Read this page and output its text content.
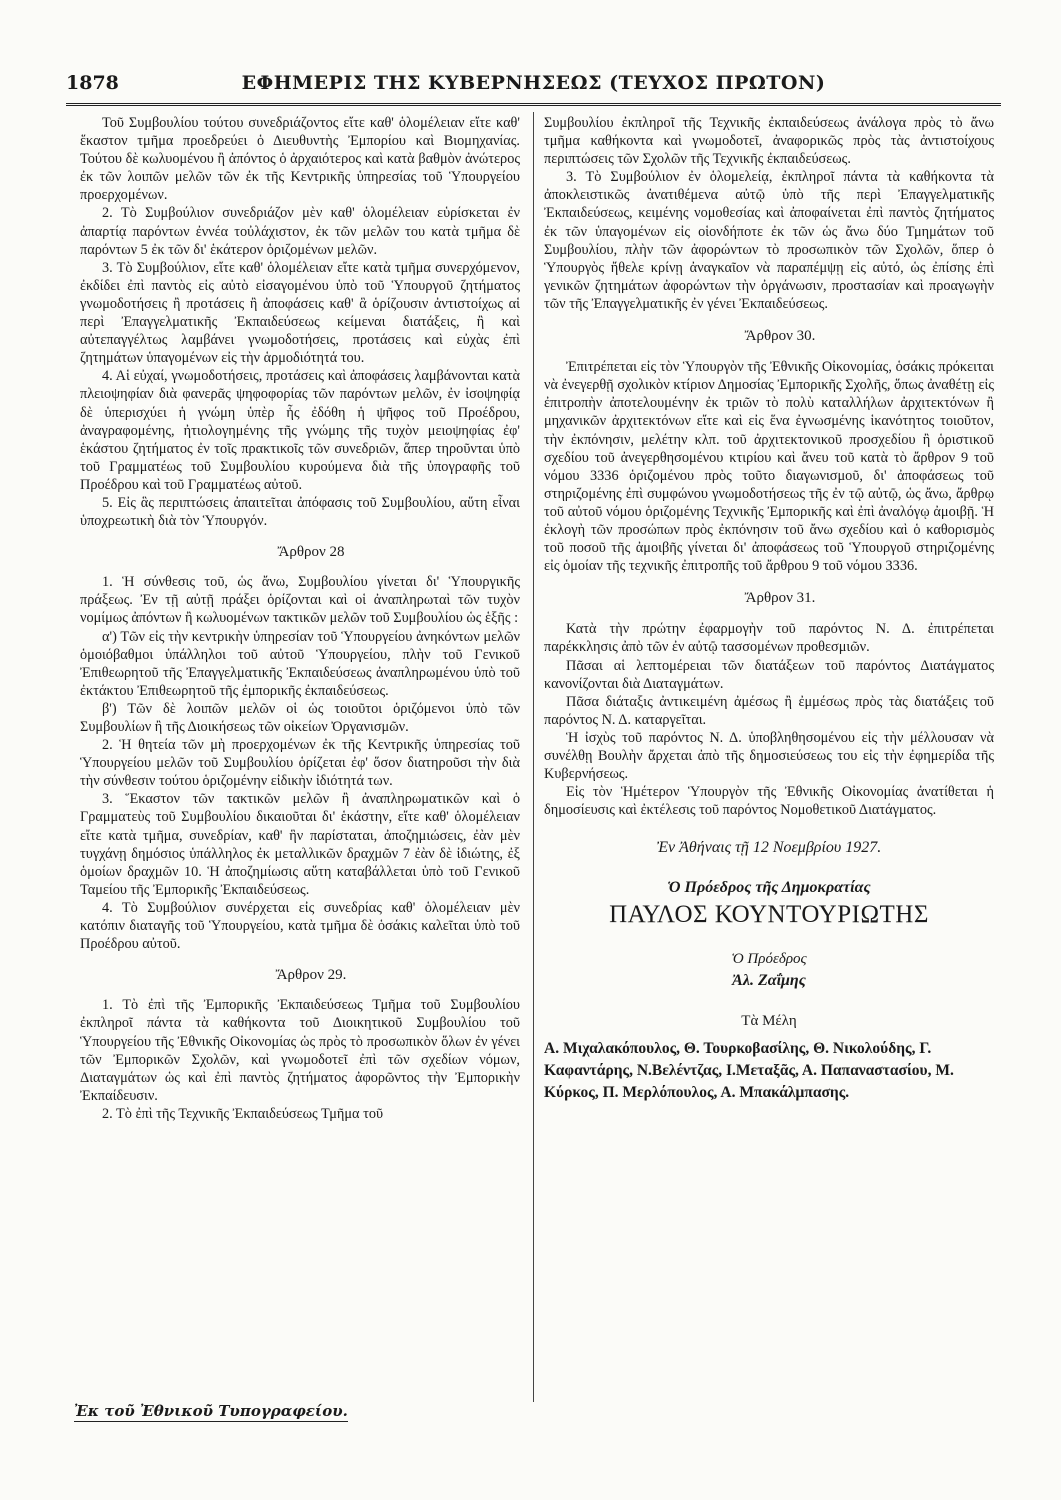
1878	ΕΦΗΜΕΡΙΣ ΤΗΣ ΚΥΒΕΡΝΗΣΕΩΣ (ΤΕΥΧΟΣ ΠΡΩΤΟΝ)

Τοῦ Συμβουλίου τούτου συνεδριάζοντος εἴτε καθ' ὁλομέλειαν εἴτε καθ' ἕκαστον τμῆμα προεδρεύει ὁ Διευθυντὴς Ἐμπορίου καὶ Βιομηχανίας. Τούτου δὲ κωλυομένου ἢ ἀπόντος ὁ ἀρχαιότερος καὶ κατὰ βαθμὸν ἀνώτερος ἐκ τῶν λοιπῶν μελῶν τῶν ἐκ τῆς Κεντρικῆς ὑπηρεσίας τοῦ Ὑπουργείου προερχομένων.

2. Τὸ Συμβούλιον συνεδριάζον μὲν καθ' ὁλομέλειαν εὑρίσκεται ἐν ἀπαρτίᾳ παρόντων ἐννέα τοὐλάχιστον, ἐκ τῶν μελῶν του κατὰ τμῆμα δὲ παρόντων 5 ἐκ τῶν δι' ἑκάτερον ὁριζομένων μελῶν.

3. Τὸ Συμβούλιον, εἴτε καθ' ὁλομέλειαν εἴτε κατὰ τμῆμα συνερχόμενον, ἐκδίδει ἐπὶ παντὸς εἰς αὐτὸ εἰσαγομένου ὑπὸ τοῦ Ὑπουργοῦ ζητήματος γνωμοδοτήσεις ἢ προτάσεις ἢ ἀποφάσεις καθ' ἃ ὁρίζουσιν ἀντιστοίχως αἱ περὶ Ἐπαγγελματικῆς Ἐκπαιδεύσεως κείμεναι διατάξεις, ἢ καὶ αὐτεπαγγέλτως λαμβάνει γνωμοδοτήσεις, προτάσεις καὶ εὐχὰς ἐπὶ ζητημάτων ὑπαγομένων εἰς τὴν ἁρμοδιότητά του.

4. Αἱ εὐχαί, γνωμοδοτήσεις, προτάσεις καὶ ἀποφάσεις λαμβάνονται κατὰ πλειοψηφίαν διὰ φανερᾶς ψηφοφορίας τῶν παρόντων μελῶν, ἐν ἰσοψηφίᾳ δὲ ὑπερισχύει ἡ γνώμη ὑπὲρ ἧς ἐδόθη ἡ ψῆφος τοῦ Προέδρου, ἀναγραφομένης, ἠτιολογημένης τῆς γνώμης τῆς τυχὸν μειοψηφίας ἐφ' ἑκάστου ζητήματος ἐν τοῖς πρακτικοῖς τῶν συνεδριῶν, ἅπερ τηροῦνται ὑπὸ τοῦ Γραμματέως τοῦ Συμβουλίου κυρούμενα διὰ τῆς ὑπογραφῆς τοῦ Προέδρου καὶ τοῦ Γραμματέως αὐτοῦ.

5. Εἰς ἃς περιπτώσεις ἀπαιτεῖται ἀπόφασις τοῦ Συμβουλίου, αὕτη εἶναι ὑποχρεωτικὴ διὰ τὸν Ὑπουργόν.

Ἄρθρον 28

1. Ἡ σύνθεσις τοῦ, ὡς ἄνω, Συμβουλίου γίνεται δι' Ὑπουργικῆς πράξεως. Ἐν τῇ αὐτῇ πράξει ὁρίζονται καὶ οἱ ἀναπληρωταὶ τῶν τυχὸν νομίμως ἀπόντων ἢ κωλυομένων τακτικῶν μελῶν τοῦ Συμβουλίου ὡς ἑξῆς :

α') Τῶν εἰς τὴν κεντρικὴν ὑπηρεσίαν τοῦ Ὑπουργείου ἀνηκόντων μελῶν ὁμοιόβαθμοι ὑπάλληλοι τοῦ αὐτοῦ Ὑπουργείου, πλὴν τοῦ Γενικοῦ Ἐπιθεωρητοῦ τῆς Ἐπαγγελματικῆς Ἐκπαιδεύσεως ἀναπληρωμένου ὑπὸ τοῦ ἐκτάκτου Ἐπιθεωρητοῦ τῆς ἐμπορικῆς ἐκπαιδεύσεως.

β') Τῶν δὲ λοιπῶν μελῶν οἱ ὡς τοιοῦτοι ὁριζόμενοι ὑπὸ τῶν Συμβουλίων ἢ τῆς Διοικήσεως τῶν οἰκείων Ὀργανισμῶν.

2. Ἡ θητεία τῶν μὴ προερχομένων ἐκ τῆς Κεντρικῆς ὑπηρεσίας τοῦ Ὑπουργείου μελῶν τοῦ Συμβουλίου ὁρίζεται ἐφ' ὅσον διατηροῦσι τὴν διὰ τὴν σύνθεσιν τούτου ὁριζομένην εἰδικὴν ἰδιότητά των.

3. Ἕκαστον τῶν τακτικῶν μελῶν ἢ ἀναπληρωματικῶν καὶ ὁ Γραμματεὺς τοῦ Συμβουλίου δικαιοῦται δι' ἑκάστην, εἴτε καθ' ὁλομέλειαν εἴτε κατὰ τμῆμα, συνεδρίαν, καθ' ἣν παρίσταται, ἀποζημιώσεις, ἐὰν μὲν τυγχάνῃ δημόσιος ὑπάλληλος ἐκ μεταλλικῶν δραχμῶν 7 ἐὰν δὲ ἰδιώτης, ἐξ ὁμοίων δραχμῶν 10. Ἡ ἀποζημίωσις αὕτη καταβάλλεται ὑπὸ τοῦ Γενικοῦ Ταμείου τῆς Ἐμπορικῆς Ἐκπαιδεύσεως.

4. Τὸ Συμβούλιον συνέρχεται εἰς συνεδρίας καθ' ὁλομέλειαν μὲν κατόπιν διαταγῆς τοῦ Ὑπουργείου, κατὰ τμῆμα δὲ ὁσάκις καλεῖται ὑπὸ τοῦ Προέδρου αὐτοῦ.

Ἄρθρον 29.

1. Τὸ ἐπὶ τῆς Ἐμπορικῆς Ἐκπαιδεύσεως Τμῆμα τοῦ Συμβουλίου ἐκπληροῖ πάντα τὰ καθήκοντα τοῦ Διοικητικοῦ Συμβουλίου τοῦ Ὑπουργείου τῆς Ἐθνικῆς Οἰκονομίας ὡς πρὸς τὸ προσωπικὸν ὅλων ἐν γένει τῶν Ἐμπορικῶν Σχολῶν, καὶ γνωμοδοτεῖ ἐπὶ τῶν σχεδίων νόμων, Διαταγμάτων ὡς καὶ ἐπὶ παντὸς ζητήματος ἀφορῶντος τὴν Ἐμπορικὴν Ἐκπαίδευσιν.

2. Τὸ ἐπὶ τῆς Τεχνικῆς Ἐκπαιδεύσεως Τμῆμα τοῦ

Συμβουλίου ἐκπληροῖ τῆς Τεχνικῆς ἐκπαιδεύσεως ἀνάλογα πρὸς τὸ ἄνω τμῆμα καθήκοντα καὶ γνωμοδοτεῖ, ἀναφορικῶς πρὸς τὰς ἀντιστοίχους περιπτώσεις τῶν Σχολῶν τῆς Τεχνικῆς ἐκπαιδεύσεως.

3. Τὸ Συμβούλιον ἐν ὁλομελείᾳ, ἐκπληροῖ πάντα τὰ καθήκοντα τὰ ἀποκλειστικῶς ἀνατιθέμενα αὐτῷ ὑπὸ τῆς περὶ Ἐπαγγελματικῆς Ἐκπαιδεύσεως, κειμένης νομοθεσίας καὶ ἀποφαίνεται ἐπὶ παντὸς ζητήματος ἐκ τῶν ὑπαγομένων εἰς οἱονδήποτε ἐκ τῶν ὡς ἄνω δύο Τμημάτων τοῦ Συμβουλίου, πλὴν τῶν ἀφορώντων τὸ προσωπικὸν τῶν Σχολῶν, ὅπερ ὁ Ὑπουργὸς ἤθελε κρίνῃ ἀναγκαῖον νὰ παραπέμψῃ εἰς αὐτό, ὡς ἐπίσης ἐπὶ γενικῶν ζητημάτων ἀφορώντων τὴν ὀργάνωσιν, προστασίαν καὶ προαγωγὴν τῶν τῆς Ἐπαγγελματικῆς ἐν γένει Ἐκπαιδεύσεως.

Ἄρθρον 30.

Ἐπιτρέπεται εἰς τὸν Ὑπουργὸν τῆς Ἐθνικῆς Οἰκονομίας, ὁσάκις πρόκειται νὰ ἐνεγερθῇ σχολικὸν κτίριον Δημοσίας Ἐμπορικῆς Σχολῆς, ὅπως ἀναθέτῃ εἰς ἐπιτροπὴν ἀποτελουμένην ἐκ τριῶν τὸ πολὺ καταλλήλων ἀρχιτεκτόνων ἢ μηχανικῶν ἀρχιτεκτόνων εἴτε καὶ εἰς ἕνα ἐγνωσμένης ἱκανότητος τοιοῦτον, τὴν ἐκπόνησιν, μελέτην κλπ. τοῦ ἀρχιτεκτονικοῦ προσχεδίου ἢ ὁριστικοῦ σχεδίου τοῦ ἀνεγερθησομένου κτιρίου καὶ ἄνευ τοῦ κατὰ τὸ ἄρθρον 9 τοῦ νόμου 3336 ὁριζομένου πρὸς τοῦτο διαγωνισμοῦ, δι' ἀποφάσεως τοῦ στηριζομένης ἐπὶ συμφώνου γνωμοδοτήσεως τῆς ἐν τῷ αὐτῷ, ὡς ἄνω, ἄρθρῳ τοῦ αὐτοῦ νόμου ὁριζομένης Τεχνικῆς Ἐμπορικῆς καὶ ἐπὶ ἀναλόγῳ ἀμοιβῇ. Ἡ ἐκλογὴ τῶν προσώπων πρὸς ἐκπόνησιν τοῦ ἄνω σχεδίου καὶ ὁ καθορισμὸς τοῦ ποσοῦ τῆς ἀμοιβῆς γίνεται δι' ἀποφάσεως τοῦ Ὑπουργοῦ στηριζομένης εἰς ὁμοίαν τῆς τεχνικῆς ἐπιτροπῆς τοῦ ἄρθρου 9 τοῦ νόμου 3336.

Ἄρθρον 31.

Κατὰ τὴν πρώτην ἐφαρμογὴν τοῦ παρόντος Ν. Δ. ἐπιτρέπεται παρέκκλησις ἀπὸ τῶν ἐν αὐτῷ τασσομένων προθεσμιῶν.

Πᾶσαι αἱ λεπτομέρειαι τῶν διατάξεων τοῦ παρόντος Διατάγματος κανονίζονται διὰ Διαταγμάτων.

Πᾶσα διάταξις ἀντικειμένη ἀμέσως ἢ ἐμμέσως πρὸς τὰς διατάξεις τοῦ παρόντος Ν. Δ. καταργεῖται.

Ἡ ἰσχὺς τοῦ παρόντος Ν. Δ. ὑποβληθησομένου εἰς τὴν μέλλουσαν νὰ συνέλθῃ Βουλὴν ἄρχεται ἀπὸ τῆς δημοσιεύσεως του εἰς τὴν ἐφημερίδα τῆς Κυβερνήσεως.

Εἰς τὸν Ἡμέτερον Ὑπουργὸν τῆς Ἐθνικῆς Οἰκονομίας ἀνατίθεται ἡ δημοσίευσις καὶ ἐκτέλεσις τοῦ παρόντος Νομοθετικοῦ Διατάγματος.

Ἐν Ἀθήναις τῇ 12 Νοεμβρίου 1927.
Ὁ Πρόεδρος τῆς Δημοκρατίας
ΠΑΥΛΟΣ ΚΟΥΝΤΟΥΡΙΩΤΗΣ
Ὁ Πρόεδρος
Ἀλ. Ζαΐμης
Τὰ Μέλη
Α. Μιχαλακόπουλος, Θ. Τουρκοβασίλης, Θ. Νικολούδης, Γ. Καφαντάρης, Ν.Βελέντζας, Ι.Μεταξᾶς, Α. Παπαναστασίου, Μ. Κύρκος, Π. Μερλόπουλος, Α. Μπακάλμπασης.
Ἐκ τοῦ Ἐθνικοῦ Τυπογραφείου.
